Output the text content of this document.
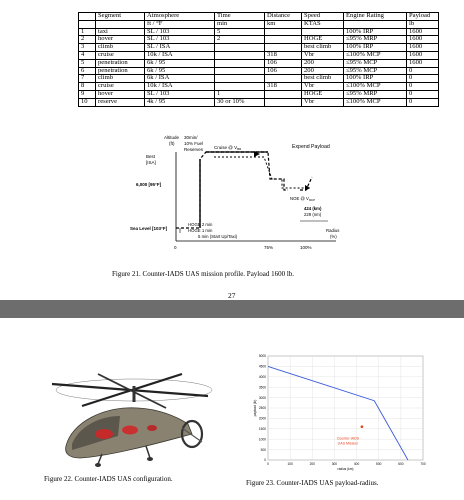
	Segment	Atmosphere	Time	Distance	Speed	Engine Rating	Payload
		ft / °F	min	km	KTAS		lb
1	taxi	SL / 103	5			100% IRP	1600
2	hover	SL / 103	2		HOGE	≤95% MRP	1600
3	climb	SL / ISA			best climb	100% IRP	1600
4	cruise	10k / ISA		318	Vbr	≤100% MCP	1600
5	penetration	6k / 95		106	200	≤95% MCP	1600
6	penetration	6k / 95		106	200	≤95% MCP	0
7	climb	6k / ISA			best climb	100% IRP	0
8	cruise	10k / ISA		318	Vbr	≤100% MCP	0
9	hover	SL / 103	1		HOGE	≤95% MRP	0
10	reserve	4k / 95	30 or 10%		Vbr	≤100% MCP	0
Altitude
(ft)
30min/
10% Fuel
Reserves
Best
[ISA]
Cruise @ $V_{BR}$	Expend Payload
6,000 [95°F]
Sea Level [103°F]
HOGE 2 min
HOGE 1 min
5 min (Start Up/Taxi)
NOE @ $V_{MCP}$
424 (km)
229 (nm)
Radius
(%)
0	75%	100%
Figure 21. Counter-IADS UAS mission profile. Payload 1600 lb.
27
Figure 22. Counter-IADS UAS configuration.
0
500
1000
1500
2000
2500
3000
3500
4000
4500
5000
0	100	200	300	400	500	600	700
radius (km)
payload (lb)
Counter-IADS
UAS Mission
Figure 23. Counter-IADS UAS payload-radius.
